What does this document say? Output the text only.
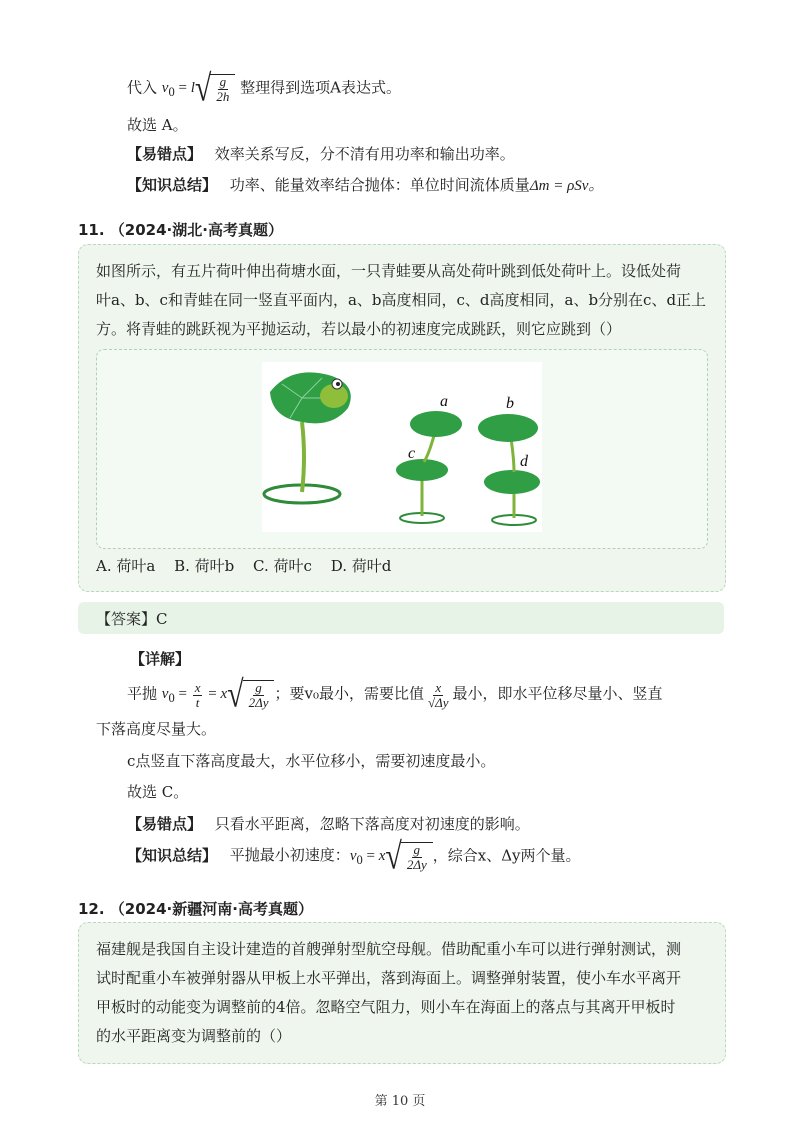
代入 $v_0 = l$ √ $\frac{g}{2h}$ 整理得到选项A表达式。
故选 A。
【易错点】 效率关系写反，分不清有用功率和输出功率。
【知识总结】 功率、能量效率结合抛体：单位时间流体质量Δm = ρSv。
11. （2024·湖北·高考真题）
如图所示，有五片荷叶伸出荷塘水面，一只青蛙要从高处荷叶跳到低处荷叶上。设低处荷
叶a、b、c和青蛙在同一竖直平面内，a、b高度相同，c、d高度相同，a、b分别在c、d正上
方。将青蛙的跳跃视为平抛运动，若以最小的初速度完成跳跃，则它应跳到（）
a	b
c	d
A. 荷叶a B. 荷叶b C. 荷叶c D. 荷叶d
【答案】C
【详解】
平抛 $v_0 = \frac{x}{t} = x$ √ $\frac{g}{2\Delta y}$ ；要v₀最小，需要比值 $\frac{x}{√\Delta y}$ 最小，即水平位移尽量小、竖直
下落高度尽量大。
c点竖直下落高度最大，水平位移小，需要初速度最小。
故选 C。
【易错点】 只看水平距离，忽略下落高度对初速度的影响。
【知识总结】 平抛最小初速度：$v_0 = x$ √ $\frac{g}{2\Delta y}$ ，综合x、Δy两个量。
12. （2024·新疆河南·高考真题）
福建舰是我国自主设计建造的首艘弹射型航空母舰。借助配重小车可以进行弹射测试，测
试时配重小车被弹射器从甲板上水平弹出，落到海面上。调整弹射装置，使小车水平离开
甲板时的动能变为调整前的4倍。忽略空气阻力，则小车在海面上的落点与其离开甲板时
的水平距离变为调整前的（）
第 10 页
